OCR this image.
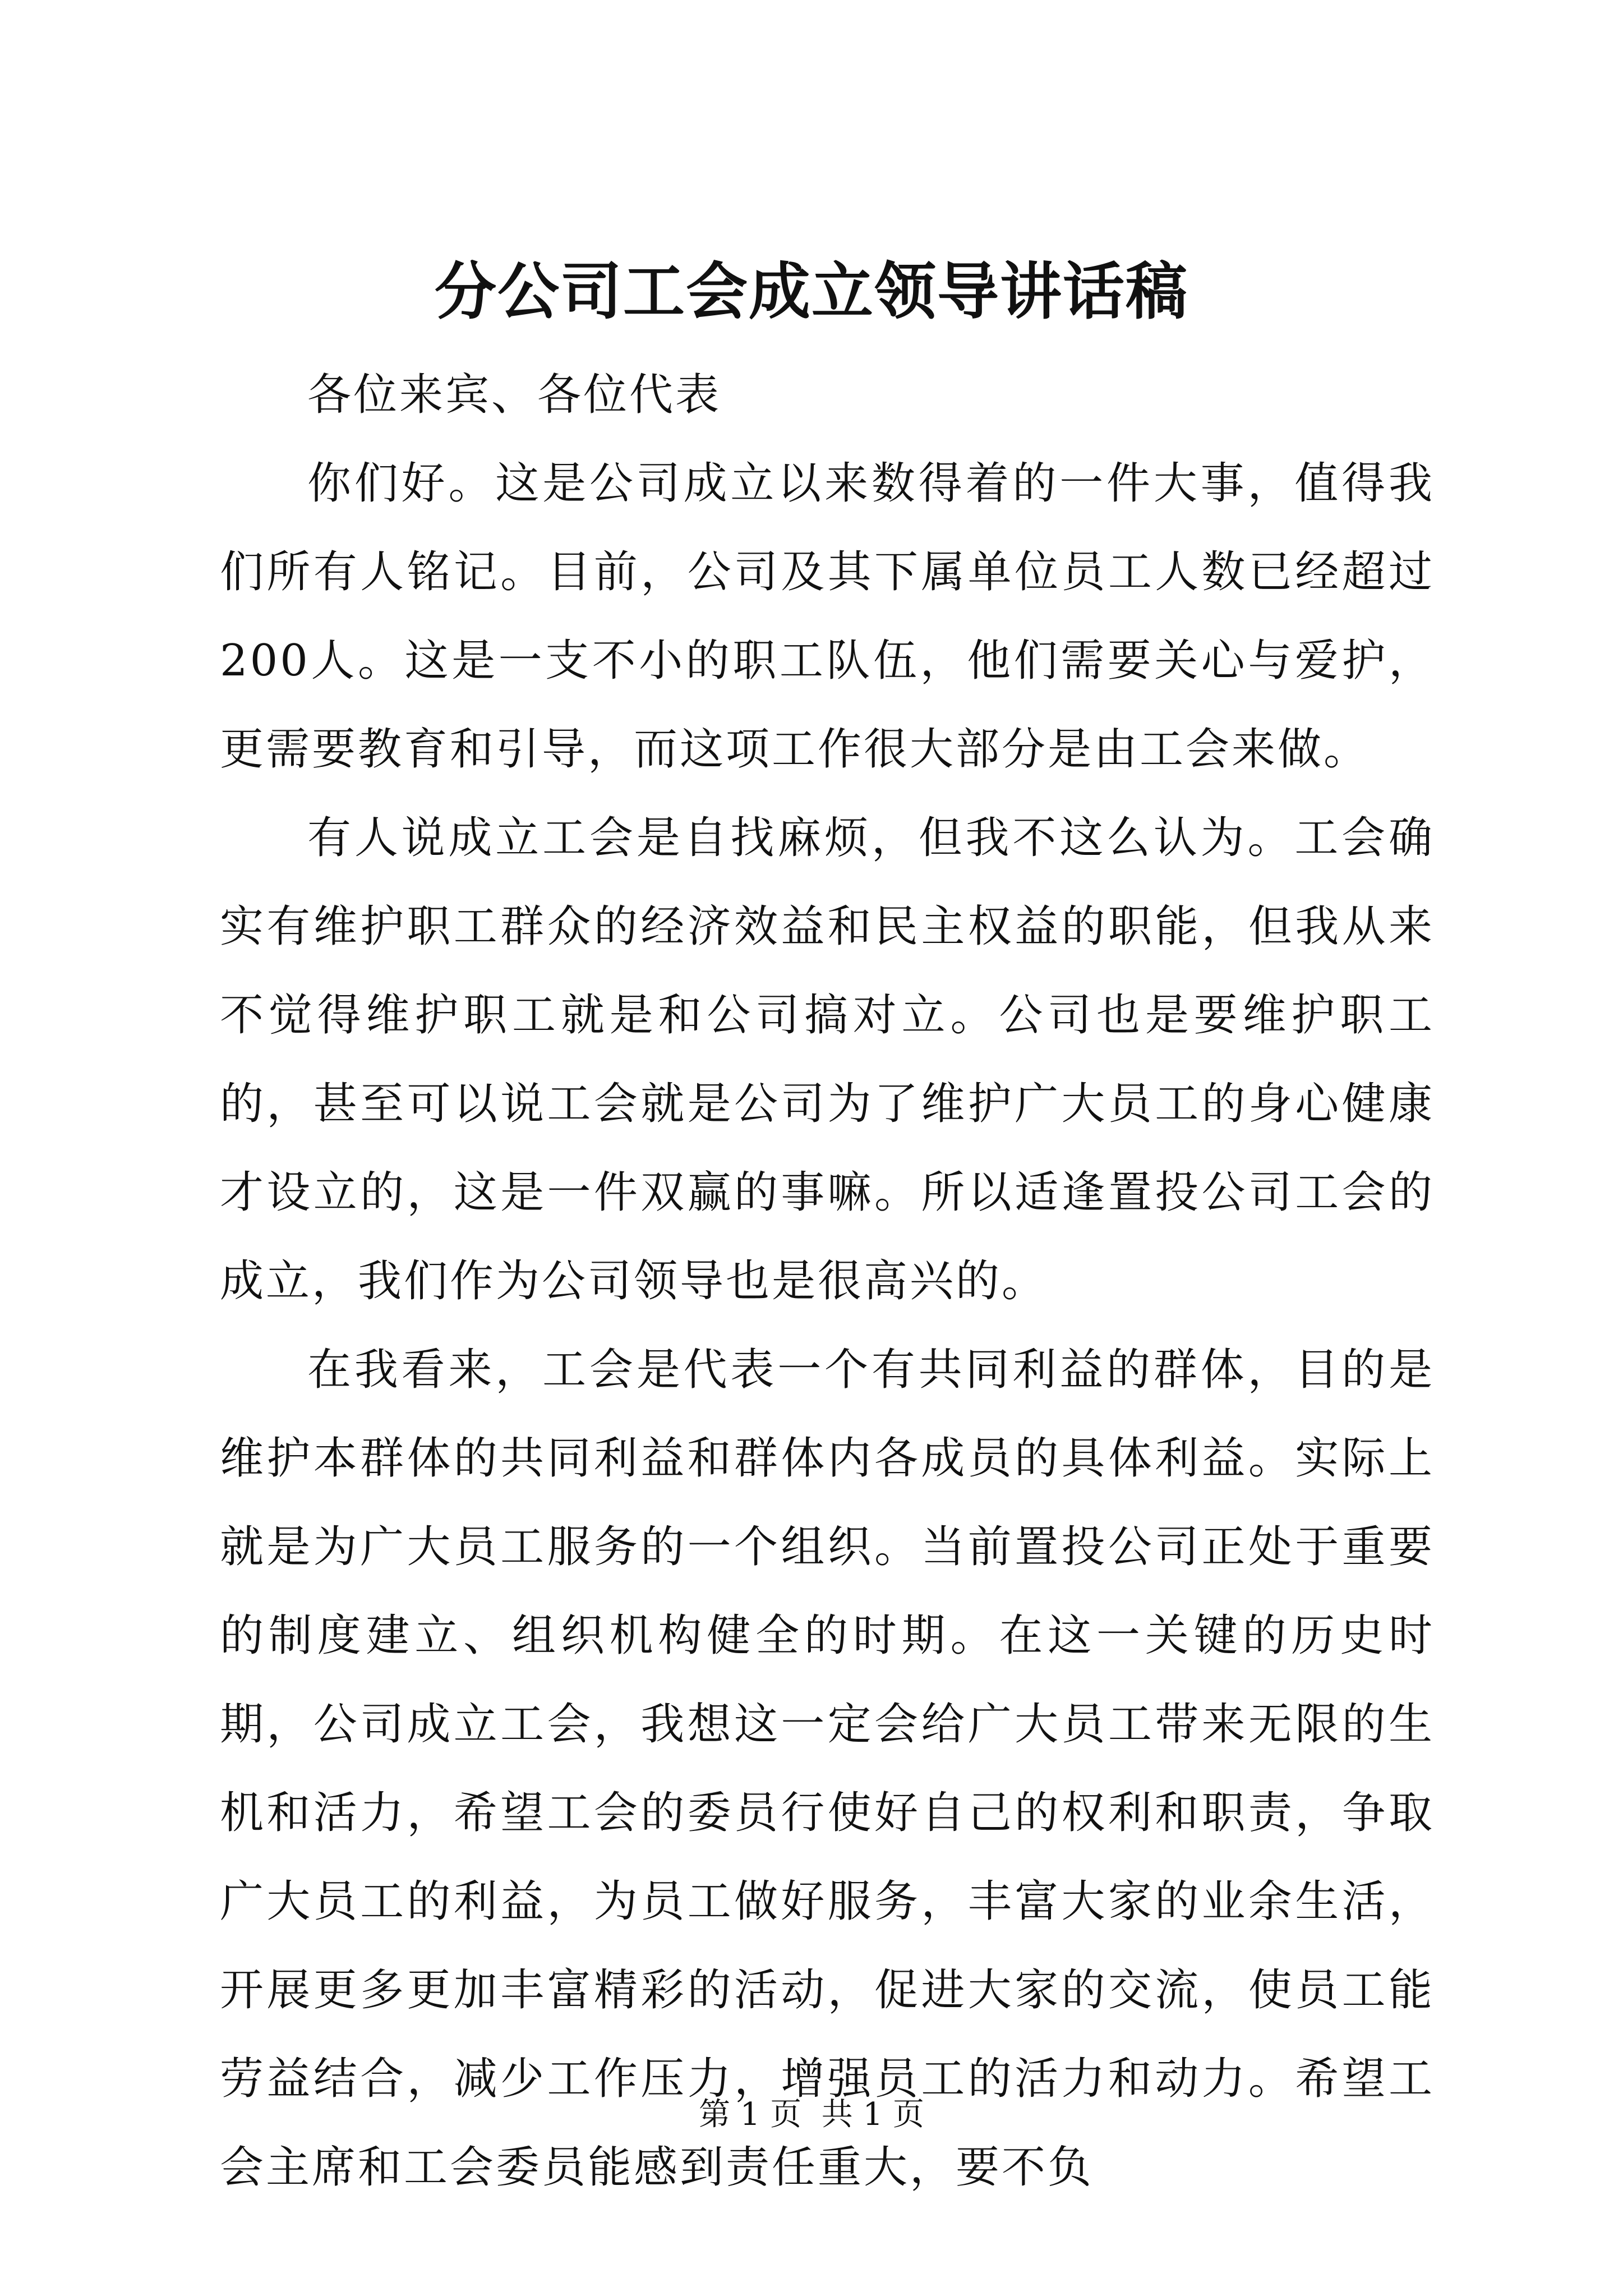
分公司工会成立领导讲话稿

各位来宾、各位代表

你们好。这是公司成立以来数得着的一件大事，值得我们所有人铭记。目前，公司及其下属单位员工人数已经超过200人。这是一支不小的职工队伍，他们需要关心与爱护，更需要教育和引导，而这项工作很大部分是由工会来做。

有人说成立工会是自找麻烦，但我不这么认为。工会确实有维护职工群众的经济效益和民主权益的职能，但我从来不觉得维护职工就是和公司搞对立。公司也是要维护职工的，甚至可以说工会就是公司为了维护广大员工的身心健康才设立的，这是一件双赢的事嘛。所以适逢置投公司工会的成立，我们作为公司领导也是很高兴的。

在我看来，工会是代表一个有共同利益的群体，目的是维护本群体的共同利益和群体内各成员的具体利益。实际上就是为广大员工服务的一个组织。当前置投公司正处于重要的制度建立、组织机构健全的时期。在这一关键的历史时期，公司成立工会，我想这一定会给广大员工带来无限的生机和活力，希望工会的委员行使好自己的权利和职责，争取广大员工的利益，为员工做好服务，丰富大家的业余生活，开展更多更加丰富精彩的活动，促进大家的交流，使员工能劳益结合，减少工作压力，增强员工的活力和动力。希望工会主席和工会委员能感到责任重大，要不负

第 1 页  共 1 页
